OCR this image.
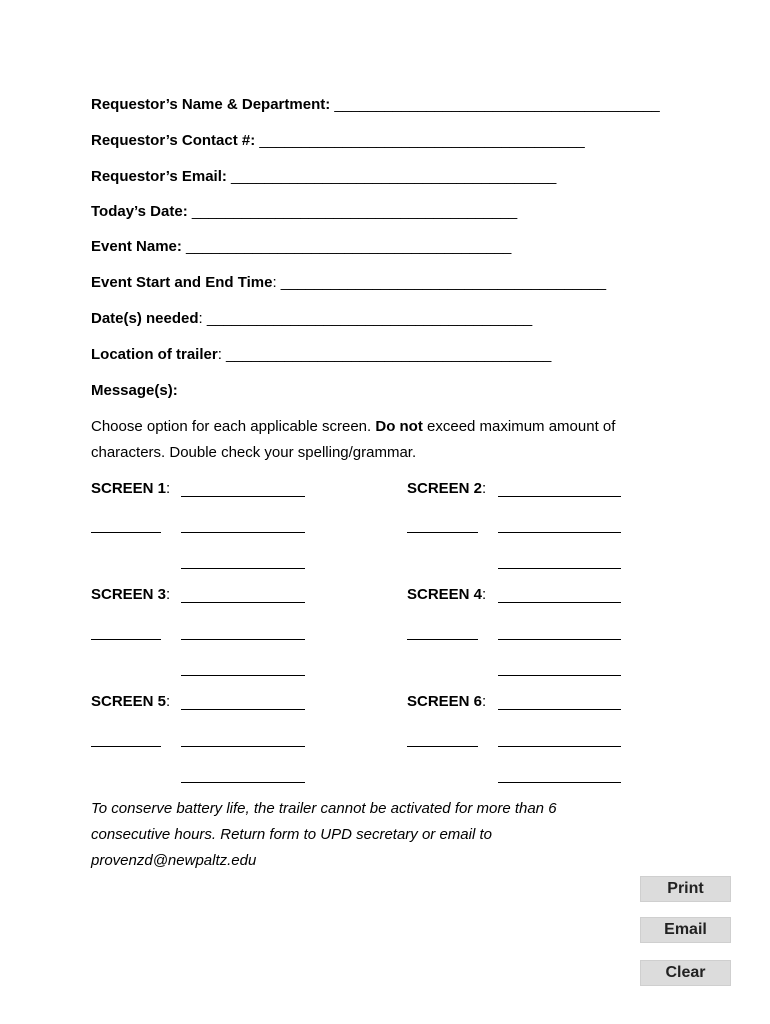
Requestor’s Name & Department: _______________________________________
Requestor’s Contact #: _______________________________________
Requestor’s Email: _______________________________________
Today’s Date: _______________________________________
Event Name: _______________________________________
Event Start and End Time: _______________________________________
Date(s) needed: _______________________________________
Location of trailer: _______________________________________
Message(s):
Choose option for each applicable screen. Do not exceed maximum amount of characters. Double check your spelling/grammar.
SCREEN 1:	SCREEN 2:
SCREEN 3:	SCREEN 4:
SCREEN 5:	SCREEN 6:
To conserve battery life, the trailer cannot be activated for more than 6 consecutive hours. Return form to UPD secretary or email to provenzd@newpaltz.edu
Print
Email
Clear
